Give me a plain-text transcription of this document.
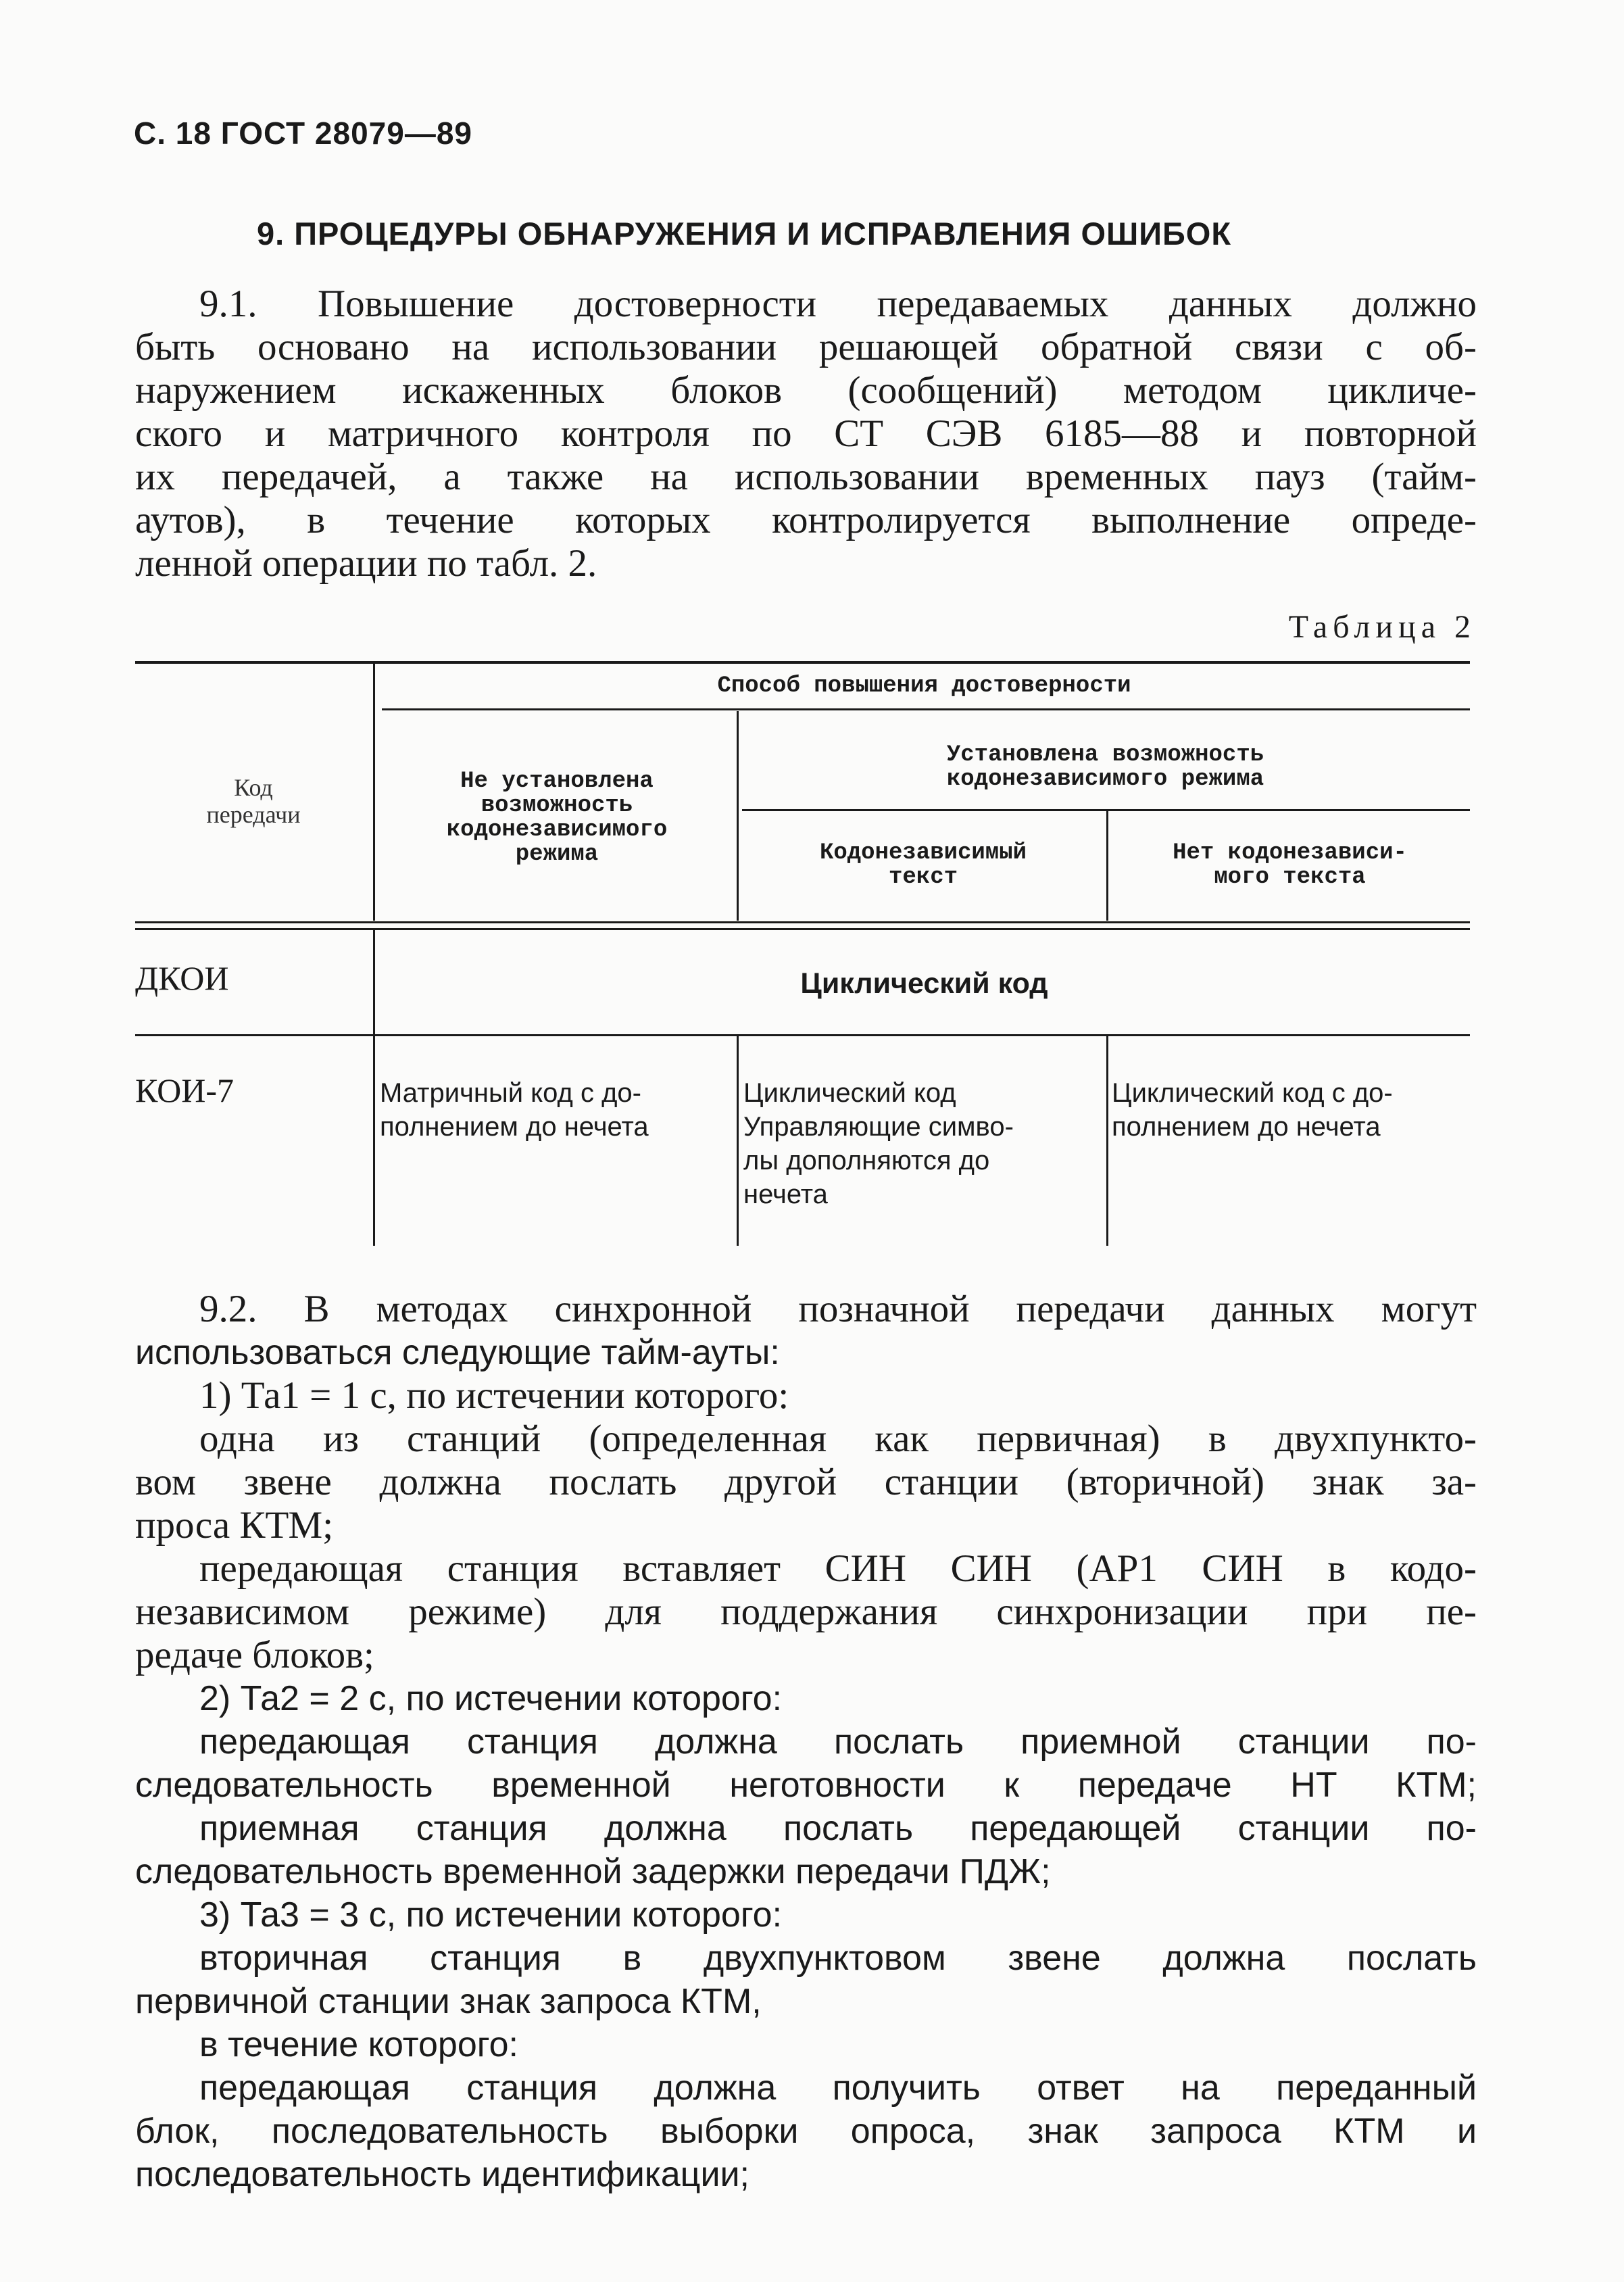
С. 18 ГОСТ 28079—89
9. ПРОЦЕДУРЫ ОБНАРУЖЕНИЯ И ИСПРАВЛЕНИЯ ОШИБОК
9.1. Повышение достоверности передаваемых данных должно
быть основано на использовании решающей обратной связи с об-
наружением искаженных блоков (сообщений) методом цикличе-
ского и матричного контроля по СТ СЭВ 6185—88 и повторной
их передачей, а также на использовании временных пауз (тайм-
аутов), в течение которых контролируется выполнение опреде-
ленной операции по табл. 2.
Таблица 2
Код
передачи
Способ повышения достоверности
Не установлена
возможность
кодонезависимого
режима
Установлена возможность
кодонезависимого режима
Кодонезависимый
текст
Нет кодонезависи-
мого текста
ДКОИ	Циклический код
КОИ-7	Матричный код с до-
полнением до нечета
Циклический код
Управляющие симво-
лы дополняются до
нечета
Циклический код с до-
полнением до нечета
9.2. В методах синхронной позначной передачи данных могут
использоваться следующие тайм-ауты:
1) Та1 = 1 с, по истечении которого:
одна из станций (определенная как первичная) в двухпункто-
вом звене должна послать другой станции (вторичной) знак за-
проса КТМ;
передающая станция вставляет СИН СИН (АР1 СИН в кодо-
независимом режиме) для поддержания синхронизации при пе-
редаче блоков;
2) Та2 = 2 с, по истечении которого:
передающая станция должна послать приемной станции по-
следовательность временной неготовности к передаче НТ КТМ;
приемная станция должна послать передающей станции по-
следовательность временной задержки передачи ПДЖ;
3) Та3 = 3 с, по истечении которого:
вторичная станция в двухпунктовом звене должна послать
первичной станции знак запроса КТМ,
в течение которого:
передающая станция должна получить ответ на переданный
блок, последовательность выборки опроса, знак запроса КТМ и
последовательность идентификации;
